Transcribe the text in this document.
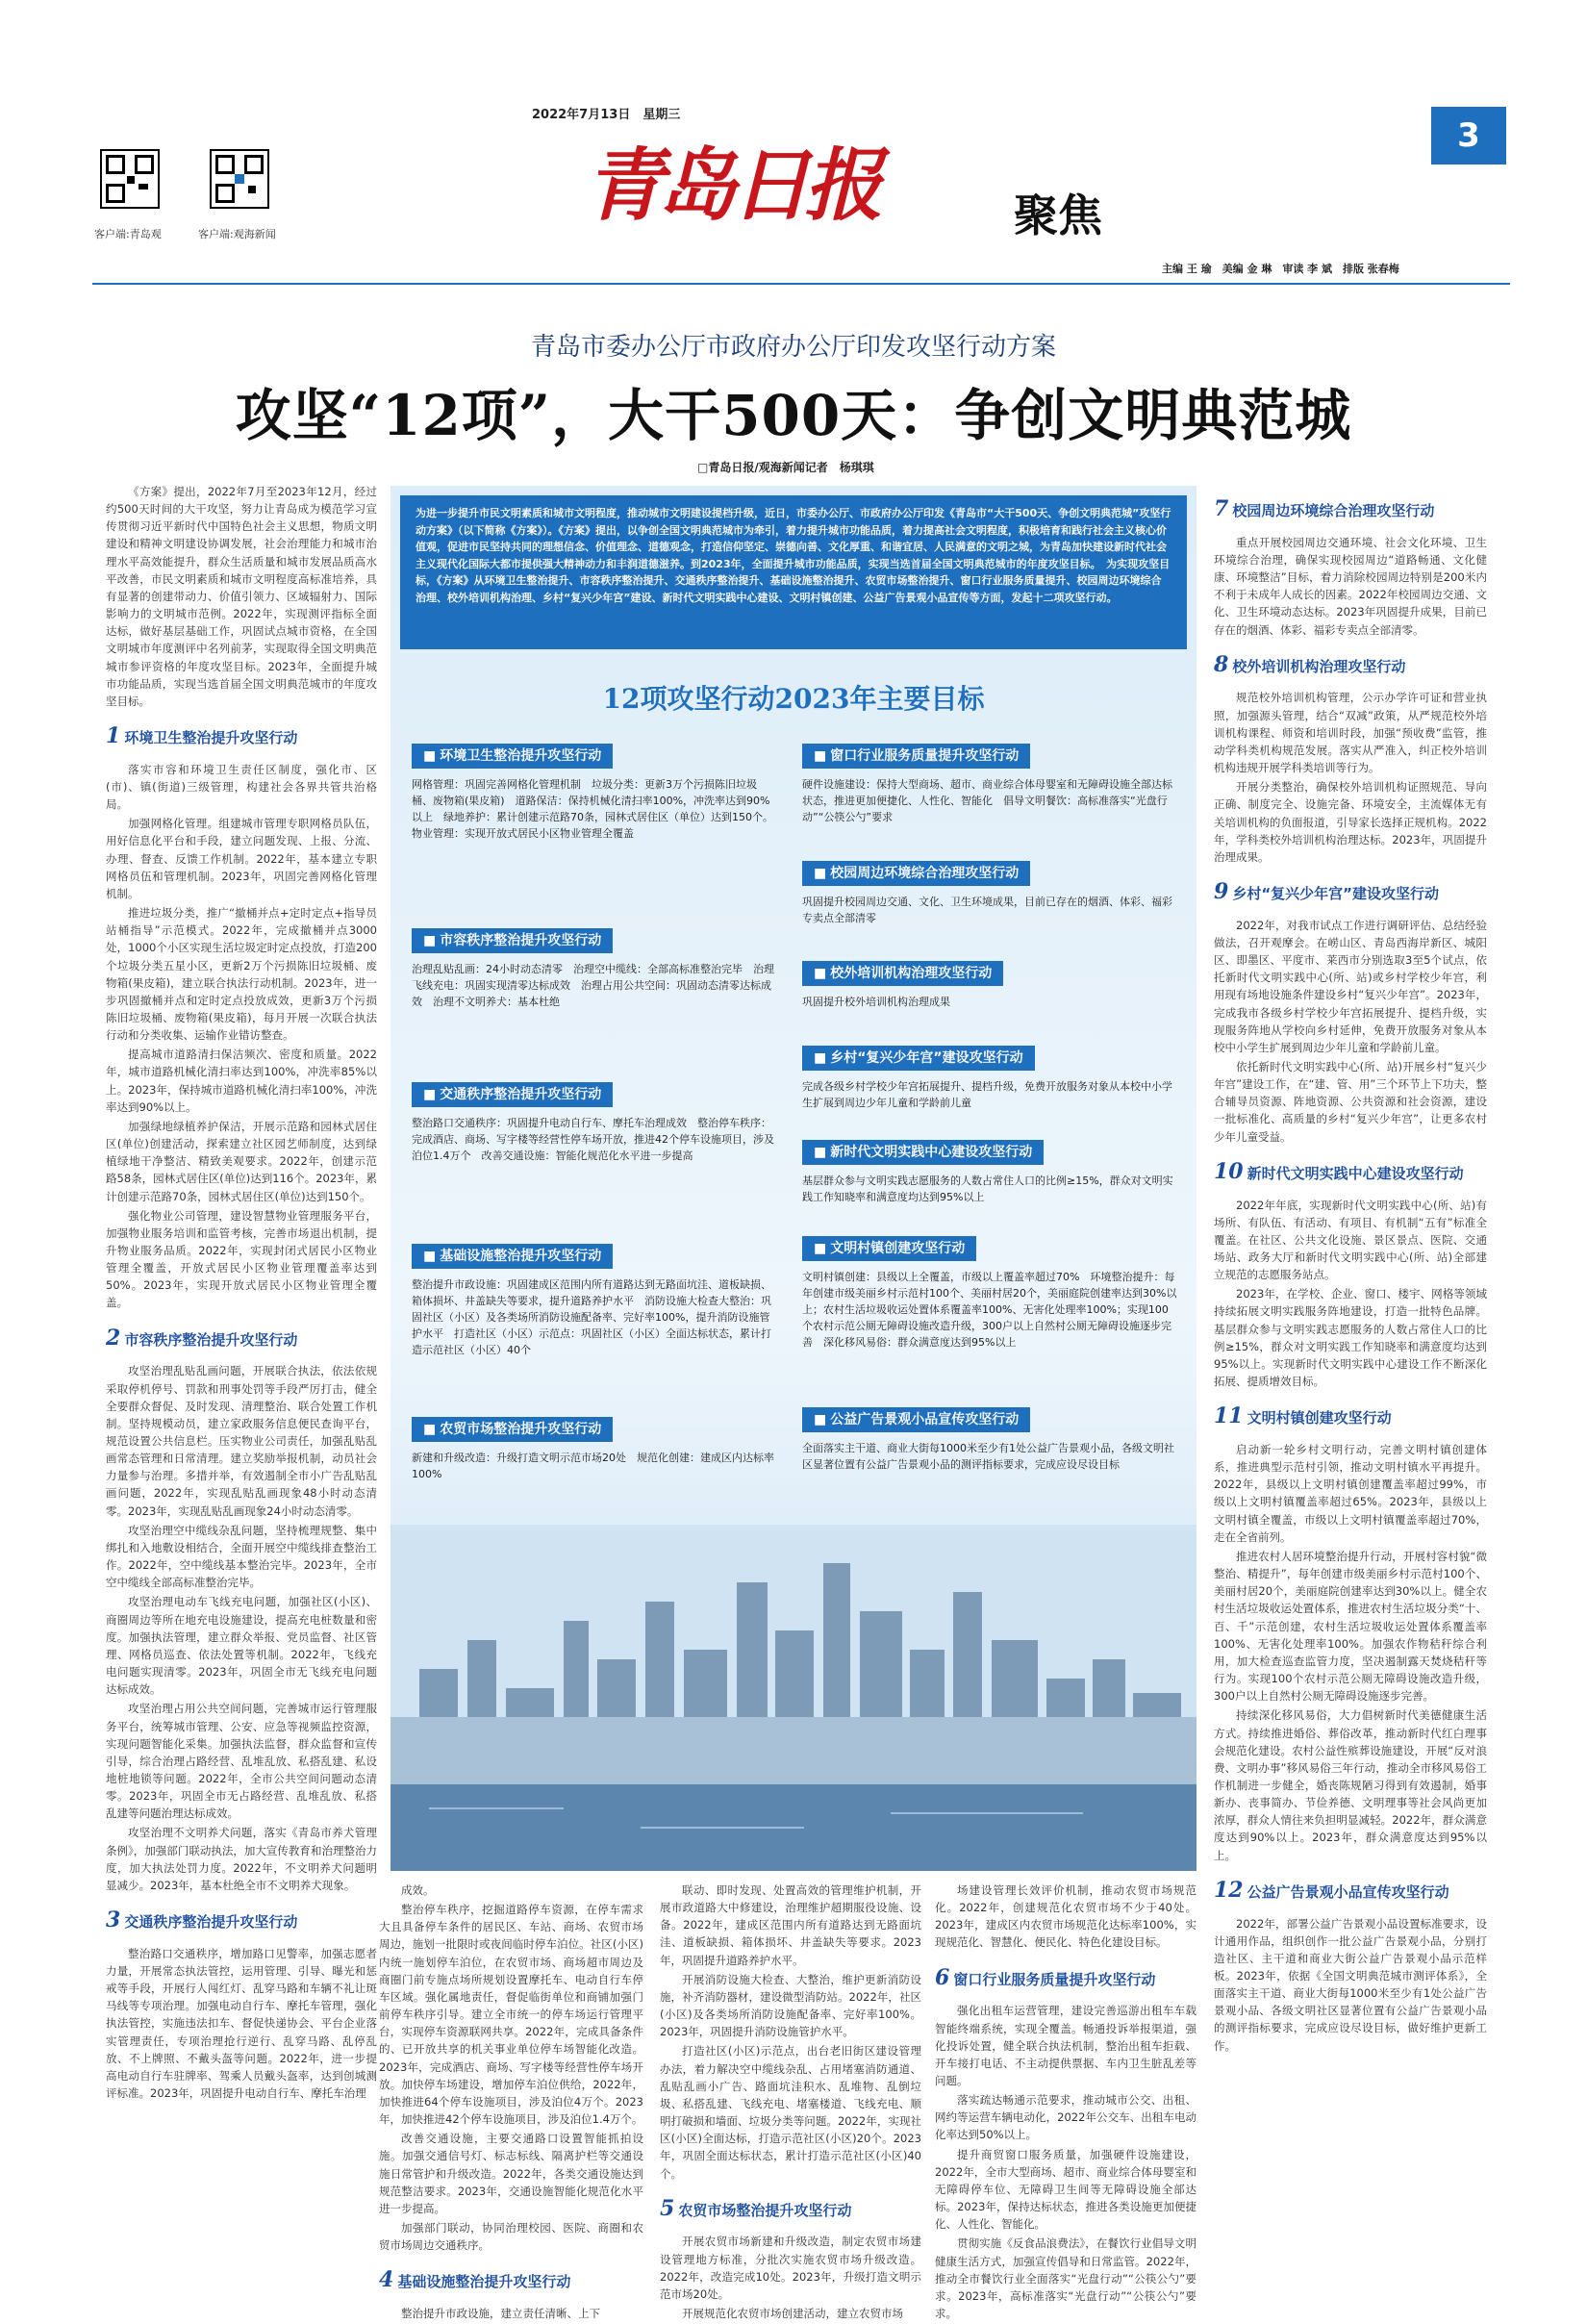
客户端:青岛观	客户端:观海新闻
2022年7月13日　星期三
青岛日报	聚焦
3
主编 王 瑜　美编 金 琳　审读 李 斌　排版 张春梅
青岛市委办公厅市政府办公厅印发攻坚行动方案
攻坚“12项”，大干500天：争创文明典范城
□青岛日报/观海新闻记者　杨琪琪

《方案》提出，2022年7月至2023年12月，经过约500天时间的大干攻坚，努力让青岛成为模范学习宣传贯彻习近平新时代中国特色社会主义思想，物质文明建设和精神文明建设协调发展，社会治理能力和城市治理水平高效能提升，群众生活质量和城市发展品质高水平改善，市民文明素质和城市文明程度高标准培养，具有显著的创建带动力、价值引领力、区域辐射力、国际影响力的文明城市范例。2022年，实现测评指标全面达标，做好基层基础工作，巩固试点城市资格，在全国文明城市年度测评中名列前茅，实现取得全国文明典范城市参评资格的年度攻坚目标。2023年，全面提升城市功能品质，实现当选首届全国文明典范城市的年度攻坚目标。

1 环境卫生整治提升攻坚行动

落实市容和环境卫生责任区制度，强化市、区(市)、镇(街道)三级管理，构建社会各界共管共治格局。

加强网格化管理。组建城市管理专职网格员队伍，用好信息化平台和手段，建立问题发现、上报、分流、办理、督查、反馈工作机制。2022年，基本建立专职网格员伍和管理机制。2023年，巩固完善网格化管理机制。

推进垃圾分类，推广“撤桶并点+定时定点+指导员站桶指导”示范模式。2022年，完成撤桶并点3000处，1000个小区实现生活垃圾定时定点投放，打造200个垃圾分类五星小区，更新2万个污损陈旧垃圾桶、废物箱(果皮箱)，建立联合执法行动机制。2023年，进一步巩固撤桶并点和定时定点投放成效，更新3万个污损陈旧垃圾桶、废物箱(果皮箱)，每月开展一次联合执法行动和分类收集、运输作业错访整查。

提高城市道路清扫保洁频次、密度和质量。2022年，城市道路机械化清扫率达到100%，冲洗率85%以上。2023年，保持城市道路机械化清扫率100%，冲洗率达到90%以上。

加强绿地绿植养护保洁，开展示范路和园林式居住区(单位)创建活动，探索建立社区园艺师制度，达到绿植绿地干净整洁、精致美观要求。2022年，创建示范路58条，园林式居住区(单位)达到116个。2023年，累计创建示范路70条，园林式居住区(单位)达到150个。

强化物业公司管理，建设智慧物业管理服务平台，加强物业服务培训和监管考核，完善市场退出机制，提升物业服务品质。2022年，实现封闭式居民小区物业管理全覆盖，开放式居民小区物业管理覆盖率达到50%。2023年，实现开放式居民小区物业管理全覆盖。

2 市容秩序整治提升攻坚行动

攻坚治理乱贴乱画问题，开展联合执法，依法依规采取停机停号、罚款和刑事处罚等手段严厉打击，健全全要群众督促、及时发现、清理整治、联合处置工作机制。坚持规模动员，建立家政服务信息便民查询平台，规范设置公共信息栏。压实物业公司责任，加强乱贴乱画常态管理和日常清理。建立奖励举报机制，动员社会力量参与治理。多措并举，有效遏制全市小广告乱贴乱画问题，2022年，实现乱贴乱画现象48小时动态清零。2023年，实现乱贴乱画现象24小时动态清零。

攻坚治理空中缆线杂乱问题，坚持梳理规整、集中绑扎和入地敷设相结合，全面开展空中缆线排查整治工作。2022年，空中缆线基本整治完毕。2023年，全市空中缆线全部高标准整治完毕。

攻坚治理电动车飞线充电问题，加强社区(小区)、商圈周边等所在地充电设施建设，提高充电桩数量和密度。加强执法管理，建立群众举报、党员监督、社区管理、网格员巡查、依法处置等机制。2022年，飞线充电问题实现清零。2023年，巩固全市无飞线充电问题达标成效。

攻坚治理占用公共空间问题，完善城市运行管理服务平台，统筹城市管理、公安、应急等视频监控资源，实现问题智能化采集。加强执法监督，群众监督和宣传引导，综合治理占路经营、乱堆乱放、私搭乱建、私设地桩地锁等问题。2022年，全市公共空间问题动态清零。2023年，巩固全市无占路经营、乱堆乱放、私搭乱建等问题治理达标成效。

攻坚治理不文明养犬问题，落实《青岛市养犬管理条例》，加强部门联动执法，加大宣传教育和治理整治力度，加大执法处罚力度。2022年，不文明养犬问题明显减少。2023年，基本杜绝全市不文明养犬现象。

3 交通秩序整治提升攻坚行动

整治路口交通秩序，增加路口见警率，加强志愿者力量，开展常态执法管控，运用管理、引导、曝光和惩戒等手段，开展行人闯红灯、乱穿马路和车辆不礼让斑马线等专项治理。加强电动自行车、摩托车管理，强化执法管控，实施违法扣车、督促快递协会、平台企业落实管理责任，专项治理抢行逆行、乱穿马路、乱停乱放、不上牌照、不戴头盔等问题。2022年，进一步提高电动自行车驻牌率、驾乘人员戴头盔率，达到创城测评标准。2023年，巩固提升电动自行车、摩托车治理

为进一步提升市民文明素质和城市文明程度，推动城市文明建设提档升级，近日，市委办公厅、市政府办公厅印发《青岛市“大干500天、争创文明典范城”攻坚行动方案》（以下简称《方案》）。《方案》提出，以争创全国文明典范城市为牵引，着力提升城市功能品质，着力提高社会文明程度，积极培育和践行社会主义核心价值观，促进市民坚持共同的理想信念、价值理念、道德观念，打造信仰坚定、崇德向善、文化厚重、和谐宜居、人民满意的文明之城，为青岛加快建设新时代社会主义现代化国际大都市提供强大精神动力和丰润道德滋养。到2023年，全面提升城市功能品质，实现当选首届全国文明典范城市的年度攻坚目标。　为实现攻坚目标，《方案》从环境卫生整治提升、市容秩序整治提升、交通秩序整治提升、基础设施整治提升、农贸市场整治提升、窗口行业服务质量提升、校园周边环境综合治理、校外培训机构治理、乡村“复兴少年宫”建设、新时代文明实践中心建设、文明村镇创建、公益广告景观小品宣传等方面，发起十二项攻坚行动。
12项攻坚行动2023年主要目标
■ 环境卫生整治提升攻坚行动
网格管理：巩固完善网格化管理机制　垃圾分类：更新3万个污损陈旧垃圾桶、废物箱(果皮箱)　道路保洁：保持机械化清扫率100%，冲洗率达到90%以上　绿地养护：累计创建示范路70条，园林式居住区（单位）达到150个。　物业管理：实现开放式居民小区物业管理全覆盖
■ 市容秩序整治提升攻坚行动
治理乱贴乱画：24小时动态清零　治理空中缆线：全部高标准整治完毕　治理飞线充电：巩固实现清零达标成效　治理占用公共空间：巩固动态清零达标成效　治理不文明养犬：基本杜绝
■ 交通秩序整治提升攻坚行动
整治路口交通秩序：巩固提升电动自行车、摩托车治理成效　整治停车秩序：完成酒店、商场、写字楼等经营性停车场开放，推进42个停车设施项目，涉及泊位1.4万个　改善交通设施：智能化规范化水平进一步提高
■ 基础设施整治提升攻坚行动
整治提升市政设施：巩固建成区范围内所有道路达到无路面坑洼、道板缺损、箱体损坏、井盖缺失等要求，提升道路养护水平　消防设施大检查大整治：巩固社区（小区）及各类场所消防设施配备率、完好率100%，提升消防设施管护水平　打造社区（小区）示范点：巩固社区（小区）全面达标状态，累计打造示范社区（小区）40个
■ 农贸市场整治提升攻坚行动
新建和升级改造：升级打造文明示范市场20处　规范化创建：建成区内达标率100%
■ 窗口行业服务质量提升攻坚行动
硬件设施建设：保持大型商场、超市、商业综合体母婴室和无障碍设施全部达标状态，推进更加便捷化、人性化、智能化　倡导文明餐饮：高标准落实“光盘行动”“公筷公勺”要求
■ 校园周边环境综合治理攻坚行动
巩固提升校园周边交通、文化、卫生环境成果，目前已存在的烟酒、体彩、福彩专卖点全部清零
■ 校外培训机构治理攻坚行动
巩固提升校外培训机构治理成果
■ 乡村“复兴少年宫”建设攻坚行动
完成各级乡村学校少年宫拓展提升、提档升级，免费开放服务对象从本校中小学生扩展到周边少年儿童和学龄前儿童
■ 新时代文明实践中心建设攻坚行动
基层群众参与文明实践志愿服务的人数占常住人口的比例≥15%，群众对文明实践工作知晓率和满意度均达到95%以上
■ 文明村镇创建攻坚行动
文明村镇创建：县级以上全覆盖，市级以上覆盖率超过70%　环境整治提升：每年创建市级美丽乡村示范村100个、美丽村居20个，美丽庭院创建率达到30%以上；农村生活垃圾收运处置体系覆盖率100%、无害化处理率100%；实现100个农村示范公厕无障碍设施改造升级，300户以上自然村公厕无障碍设施逐步完善　深化移风易俗：群众满意度达到95%以上
■ 公益广告景观小品宣传攻坚行动
全面落实主干道、商业大街每1000米至少有1处公益广告景观小品，各级文明社区显著位置有公益广告景观小品的测评指标要求，完成应设尽设目标

成效。

整治停车秩序，挖掘道路停车资源，在停车需求大且具备停车条件的居民区、车站、商场、农贸市场周边，施划一批限时或夜间临时停车泊位。社区(小区)内统一施划停车泊位，在农贸市场、商场超市周边及商圈门前专施点场所规划设置摩托车、电动自行车停车区域。强化属地责任，督促临街单位和商铺加强门前停车秩序引导。建立全市统一的停车场运行管理平台，实现停车资源联网共享。2022年，完成具备条件的、已开放共享的机关事业单位停车场智能化改造。2023年，完成酒店、商场、写字楼等经营性停车场开放。加快停车场建设，增加停车泊位供给，2022年，加快推进64个停车设施项目，涉及泊位4万个。2023年，加快推进42个停车设施项目，涉及泊位1.4万个。

改善交通设施，主要交通路口设置智能抓拍设施。加强交通信号灯、标志标线、隔离护栏等交通设施日常管护和升级改造。2022年，各类交通设施达到规范整洁要求。2023年，交通设施智能化规范化水平进一步提高。

加强部门联动，协同治理校园、医院、商圈和农贸市场周边交通秩序。

4 基础设施整治提升攻坚行动

整治提升市政设施，建立责任清晰、上下

联动、即时发现、处置高效的管理维护机制，开展市政道路大中修建设，治理维护超期服役设施、设备。2022年，建成区范围内所有道路达到无路面坑洼、道板缺损、箱体损坏、井盖缺失等要求。2023年，巩固提升道路养护水平。

开展消防设施大检查、大整治，维护更新消防设施，补齐消防器材，建设微型消防站。2022年，社区(小区)及各类场所消防设施配备率、完好率100%。2023年，巩固提升消防设施管护水平。

打造社区(小区)示范点，出台老旧街区建设管理办法，着力解决空中缆线杂乱、占用堵塞消防通道、乱贴乱画小广告、路面坑洼积水、乱堆物、乱倒垃圾、私搭乱建、飞线充电、堵塞楼道、飞线充电、顺明打破损和墙面、垃圾分类等问题。2022年，实现社区(小区)全面达标，打造示范社区(小区)20个。2023年，巩固全面达标状态，累计打造示范社区(小区)40个。

5 农贸市场整治提升攻坚行动

开展农贸市场新建和升级改造，制定农贸市场建设管理地方标准，分批次实施农贸市场升级改造。2022年，改造完成10处。2023年，升级打造文明示范市场20处。

开展规范化农贸市场创建活动，建立农贸市场

场建设管理长效评价机制，推动农贸市场规范化。2022年，创建规范化农贸市场不少于40处。2023年，建成区内农贸市场规范化达标率100%，实现规范化、智慧化、便民化、特色化建设目标。

6 窗口行业服务质量提升攻坚行动

强化出租车运营管理，建设完善巡游出租车车载智能终端系统，实现全覆盖。畅通投诉举报渠道，强化投诉处置，健全联合执法机制，整治出租车拒载、开车接打电话、不主动提供票据、车内卫生脏乱差等问题。

落实疏达畅通示范要求，推动城市公交、出租、网约等运营车辆电动化，2022年公交车、出租车电动化率达到50%以上。

提升商贸窗口服务质量，加强硬件设施建设，2022年，全市大型商场、超市、商业综合体母婴室和无障碍停车位、无障碍卫生间等无障碍设施全部达标。2023年，保持达标状态，推进各类设施更加便捷化、人性化、智能化。

贯彻实施《反食品浪费法》，在餐饮行业倡导文明健康生活方式，加强宣传倡导和日常监管。2022年，推动全市餐饮行业全面落实“光盘行动”“公筷公勺”要求。2023年，高标准落实“光盘行动”“公筷公勺”要求。

7 校园周边环境综合治理攻坚行动

重点开展校园周边交通环境、社会文化环境、卫生环境综合治理，确保实现校园周边“道路畅通、文化健康、环境整洁”目标，着力消除校园周边特别是200米内不利于未成年人成长的因素。2022年校园周边交通、文化、卫生环境动态达标。2023年巩固提升成果，目前已存在的烟酒、体彩、福彩专卖点全部清零。

8 校外培训机构治理攻坚行动

规范校外培训机构管理，公示办学许可证和营业执照，加强源头管理，结合“双减”政策，从严规范校外培训机构课程、师资和培训时段，加强“预收费”监管，推动学科类机构规范发展。落实从严准入，纠正校外培训机构违规开展学科类培训等行为。

开展分类整治，确保校外培训机构证照规范、导向正确、制度完全、设施完备、环境安全，主流媒体无有关培训机构的负面报道，引导家长选择正规机构。2022年，学科类校外培训机构治理达标。2023年，巩固提升治理成果。

9 乡村“复兴少年宫”建设攻坚行动

2022年，对我市试点工作进行调研评估、总结经验做法，召开观摩会。在崂山区、青岛西海岸新区、城阳区、即墨区、平度市、莱西市分别选取3至5个试点，依托新时代文明实践中心(所、站)或乡村学校少年宫，利用现有场地设施条件建设乡村“复兴少年宫”。2023年，完成我市各级乡村学校少年宫拓展提升、提档升级，实现服务阵地从学校向乡村延伸，免费开放服务对象从本校中小学生扩展到周边少年儿童和学龄前儿童。

依托新时代文明实践中心(所、站)开展乡村“复兴少年宫”建设工作，在“建、管、用”三个环节上下功夫，整合辅导员资源、阵地资源、公共资源和社会资源，建设一批标准化、高质量的乡村“复兴少年宫”，让更多农村少年儿童受益。

10 新时代文明实践中心建设攻坚行动

2022年年底，实现新时代文明实践中心(所、站)有场所、有队伍、有活动、有项目、有机制“五有”标准全覆盖。在社区、公共文化设施、景区景点、医院、交通场站、政务大厅和新时代文明实践中心(所、站)全部建立规范的志愿服务站点。

2023年，在学校、企业、窗口、楼宇、网格等领域持续拓展文明实践服务阵地建设，打造一批特色品牌。基层群众参与文明实践志愿服务的人数占常住人口的比例≥15%，群众对文明实践工作知晓率和满意度均达到95%以上。实现新时代文明实践中心建设工作不断深化拓展、提质增效目标。

11 文明村镇创建攻坚行动

启动新一轮乡村文明行动，完善文明村镇创建体系，推进典型示范村引领，推动文明村镇水平再提升。2022年，县级以上文明村镇创建覆盖率超过99%，市级以上文明村镇覆盖率超过65%。2023年，县级以上文明村镇全覆盖，市级以上文明村镇覆盖率超过70%，走在全省前列。

推进农村人居环境整治提升行动，开展村容村貌“微整治、精提升”，每年创建市级美丽乡村示范村100个、美丽村居20个，美丽庭院创建率达到30%以上。健全农村生活垃圾收运处置体系，推进农村生活垃圾分类“十、百、千”示范创建，农村生活垃圾收运处置体系覆盖率100%、无害化处理率100%。加强农作物秸秆综合利用，加大检查巡查监管力度，坚决遏制露天焚烧秸秆等行为。实现100个农村示范公厕无障碍设施改造升级，300户以上自然村公厕无障碍设施逐步完善。

持续深化移风易俗，大力倡树新时代美德健康生活方式。持续推进婚俗、葬俗改革，推动新时代红白理事会规范化建设。农村公益性殡葬设施建设，开展“反对浪费、文明办事”移风易俗三年行动，推动全市移风易俗工作机制进一步健全，婚丧陈规陋习得到有效遏制，婚事新办、丧事简办、节俭养德、文明理事等社会风尚更加浓厚，群众人情往来负担明显减轻。2022年，群众满意度达到90%以上。2023年，群众满意度达到95%以上。

12 公益广告景观小品宣传攻坚行动

2022年，部署公益广告景观小品设置标准要求，设计通用作品，组织创作一批公益广告景观小品，分别打造社区、主干道和商业大街公益广告景观小品示范样板。2023年，依据《全国文明典范城市测评体系》，全面落实主干道、商业大街每1000米至少有1处公益广告景观小品、各级文明社区显著位置有公益广告景观小品的测评指标要求，完成应设尽设目标，做好维护更新工作。
